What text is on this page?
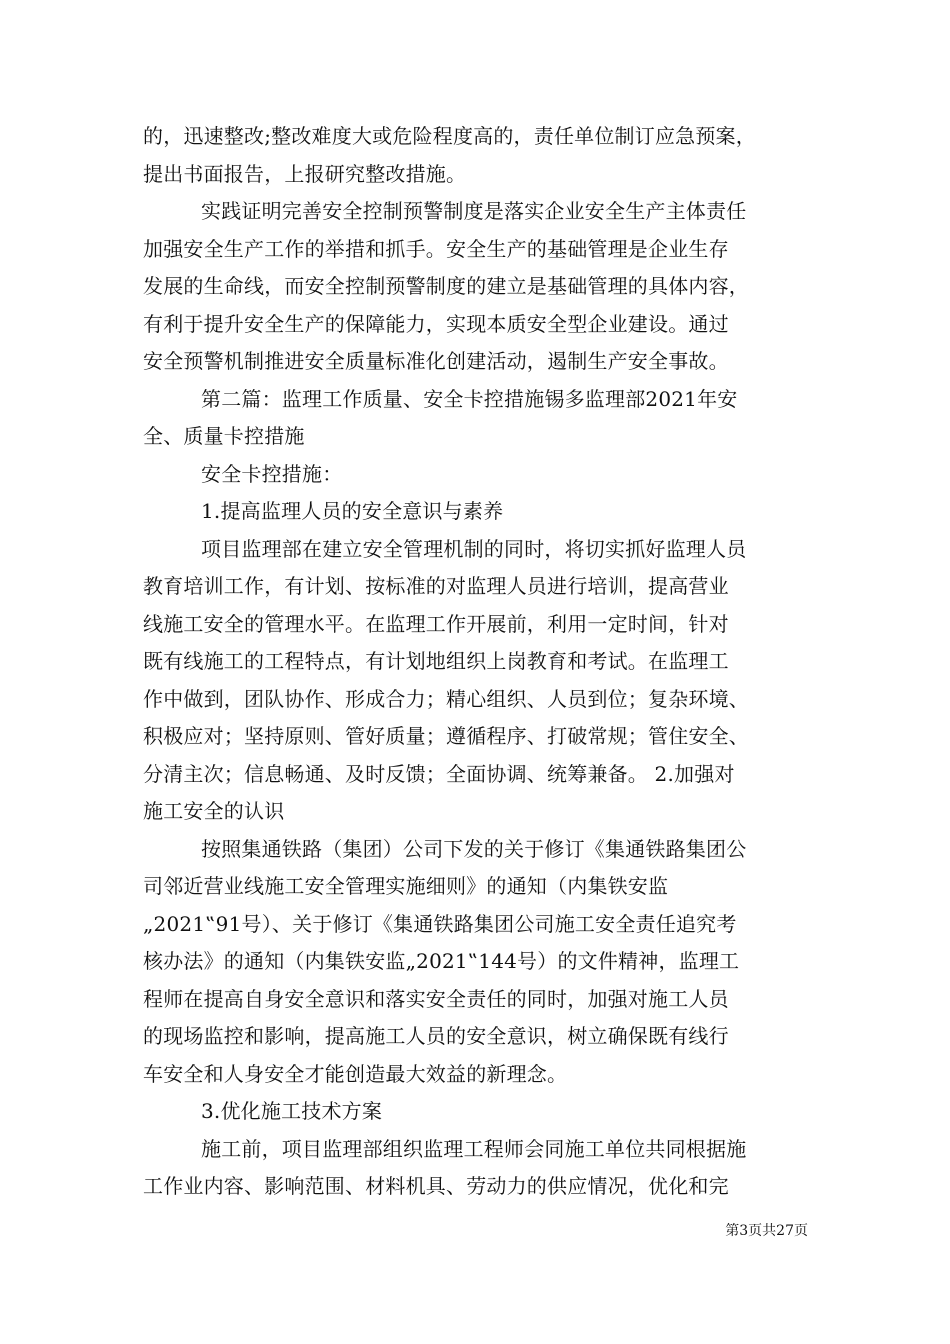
的，迅速整改;整改难度大或危险程度高的，责任单位制订应急预案，
提出书面报告，上报研究整改措施。
实践证明完善安全控制预警制度是落实企业安全生产主体责任
加强安全生产工作的举措和抓手。安全生产的基础管理是企业生存
发展的生命线，而安全控制预警制度的建立是基础管理的具体内容，
有利于提升安全生产的保障能力，实现本质安全型企业建设。通过
安全预警机制推进安全质量标准化创建活动，遏制生产安全事故。
第二篇：监理工作质量、安全卡控措施锡多监理部2021年安
全、质量卡控措施
安全卡控措施：
1.提高监理人员的安全意识与素养
项目监理部在建立安全管理机制的同时，将切实抓好监理人员
教育培训工作，有计划、按标准的对监理人员进行培训，提高营业
线施工安全的管理水平。在监理工作开展前，利用一定时间，针对
既有线施工的工程特点，有计划地组织上岗教育和考试。在监理工
作中做到，团队协作、形成合力；精心组织、人员到位；复杂环境、
积极应对；坚持原则、管好质量；遵循程序、打破常规；管住安全、
分清主次；信息畅通、及时反馈；全面协调、统筹兼备。 2.加强对
施工安全的认识
按照集通铁路（集团）公司下发的关于修订《集通铁路集团公
司邻近营业线施工安全管理实施细则》的通知（内集铁安监
„2021‟91号）、关于修订《集通铁路集团公司施工安全责任追究考
核办法》的通知（内集铁安监„2021‟144号）的文件精神，监理工
程师在提高自身安全意识和落实安全责任的同时，加强对施工人员
的现场监控和影响，提高施工人员的安全意识，树立确保既有线行
车安全和人身安全才能创造最大效益的新理念。
3.优化施工技术方案
施工前，项目监理部组织监理工程师会同施工单位共同根据施
工作业内容、影响范围、材料机具、劳动力的供应情况，优化和完
第3页共27页
